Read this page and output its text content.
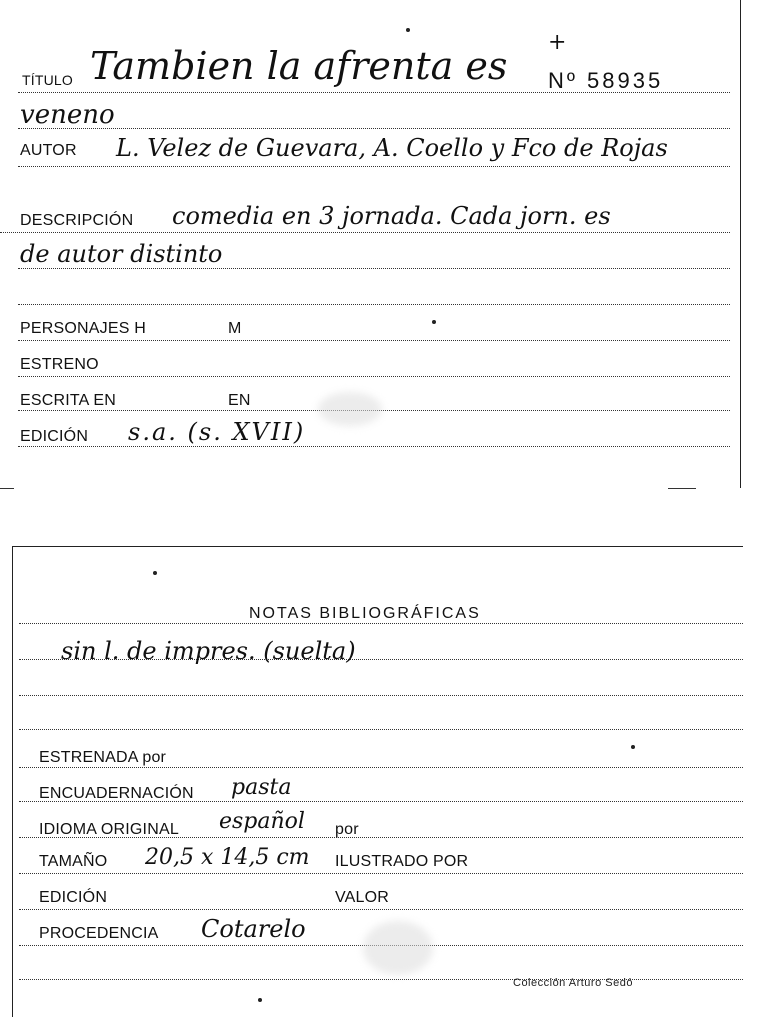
TÍTULO Tambien la afrenta es
+
Nº 58935
veneno
AUTOR L. Velez de Guevara, A. Coello y Fco de Rojas
DESCRIPCIÓN comedia en 3 jornada. Cada jorn. es
de autor distinto
PERSONAJES H	M
ESTRENO
ESCRITA EN	EN
EDICIÓN s.a. (s. XVII)
NOTAS BIBLIOGRÁFICAS
sin l. de impres. (suelta)
ESTRENADA por
ENCUADERNACIÓN pasta
IDIOMA ORIGINAL español por
TAMAÑO 20,5 x 14,5 cm ILUSTRADO POR
EDICIÓN	VALOR
PROCEDENCIA Cotarelo
Colección Arturo Sedó
